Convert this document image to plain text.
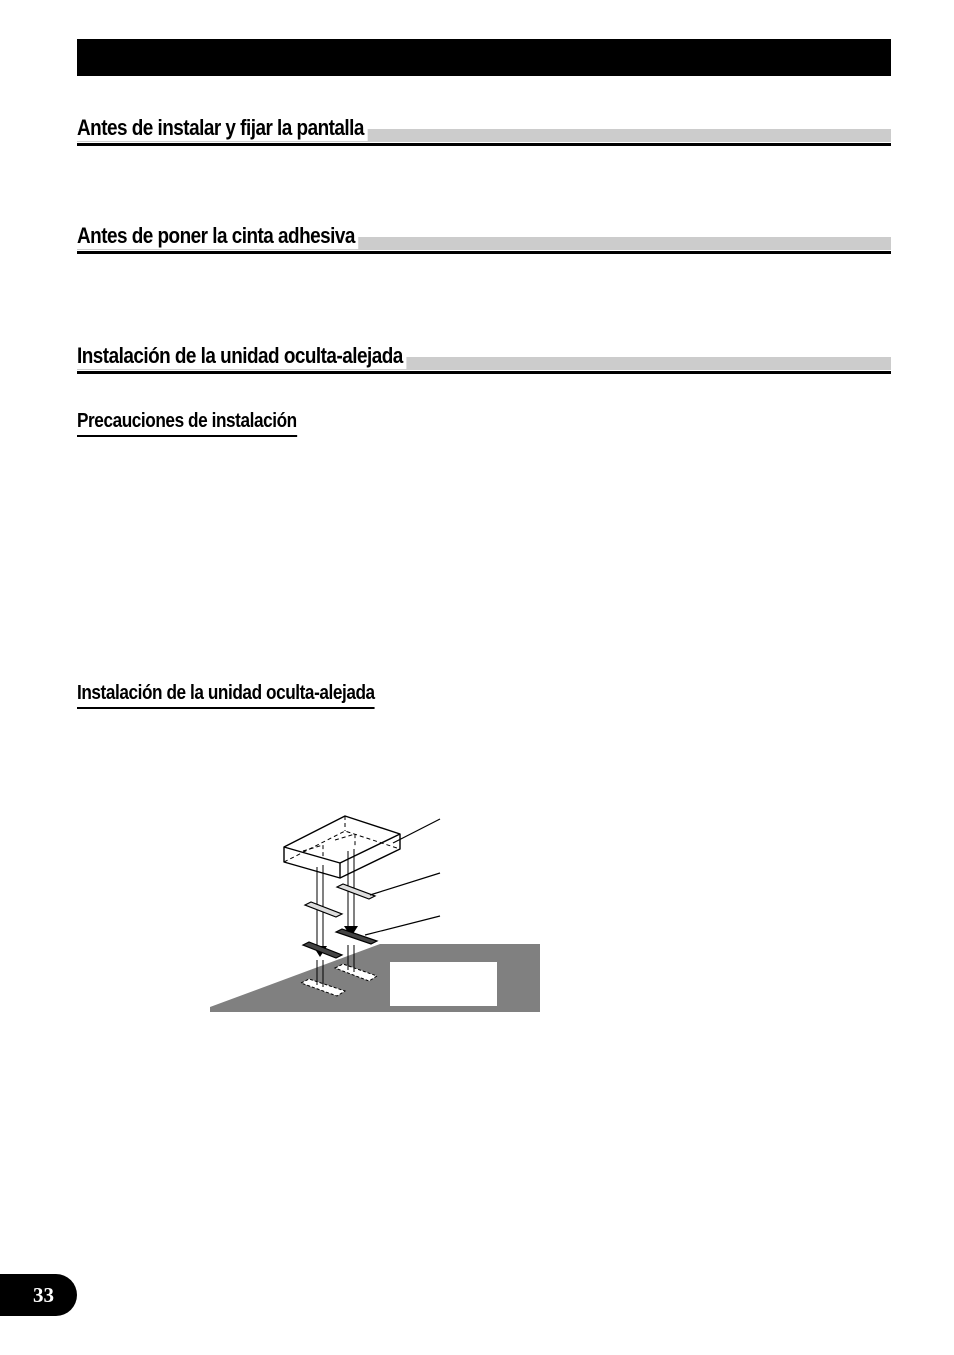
Antes de instalar y fijar la pantalla
Antes de poner la cinta adhesiva
Instalación de la unidad oculta-alejada
Precauciones de instalación
Instalación de la unidad oculta-alejada
33
